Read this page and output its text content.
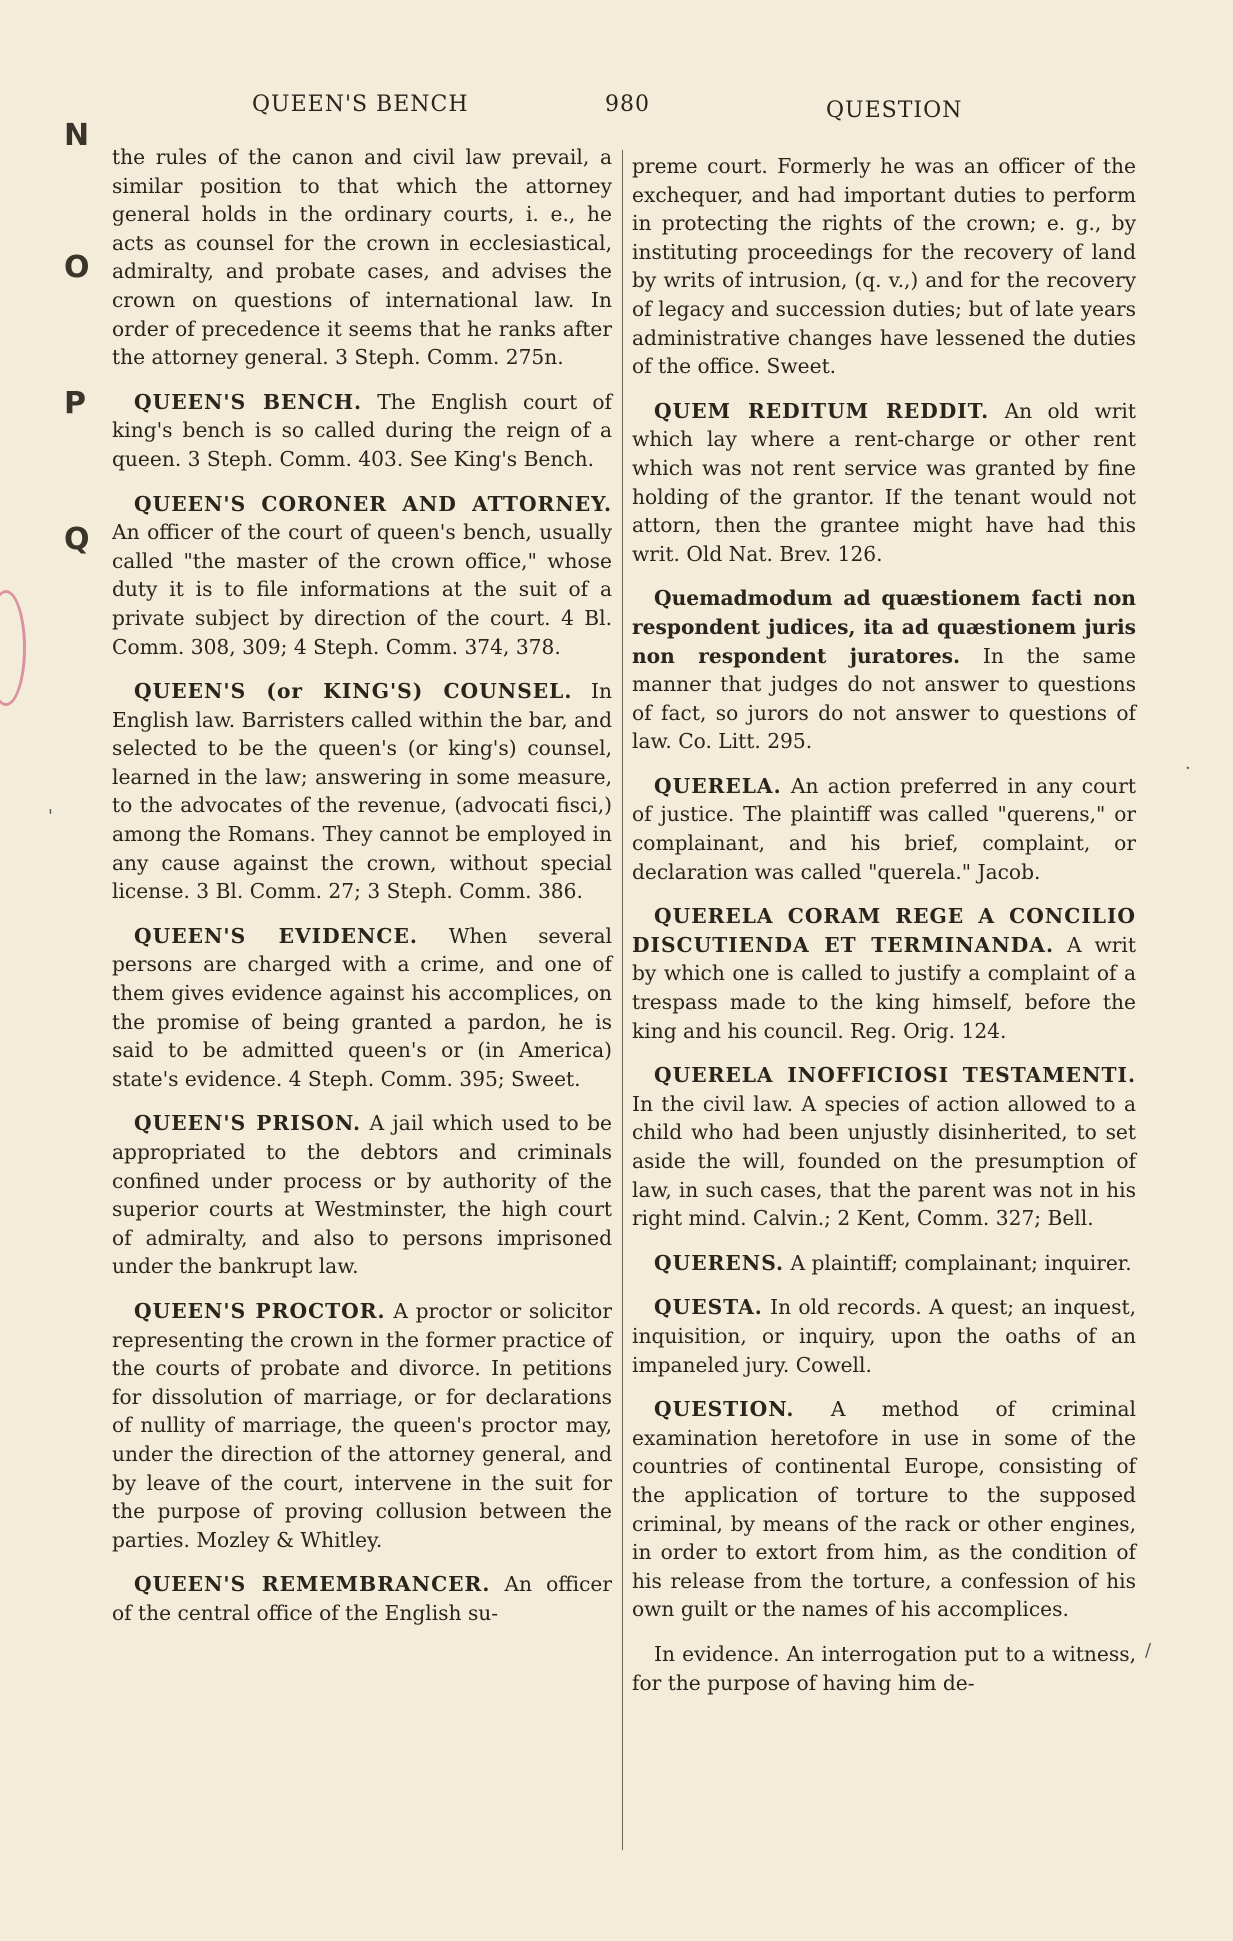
QUEEN'S BENCH	980	QUESTION
N
O
P
Q

the rules of the canon and civil law prevail, a similar position to that which the attorney general holds in the ordinary courts, i. e., he acts as counsel for the crown in ecclesiastical, admiralty, and probate cases, and advises the crown on questions of international law. In order of precedence it seems that he ranks after the attorney general. 3 Steph. Comm. 275n.

QUEEN'S BENCH. The English court of king's bench is so called during the reign of a queen. 3 Steph. Comm. 403. See King's Bench.

QUEEN'S CORONER AND ATTORNEY. An officer of the court of queen's bench, usually called "the master of the crown office," whose duty it is to file informations at the suit of a private subject by direction of the court. 4 Bl. Comm. 308, 309; 4 Steph. Comm. 374, 378.

QUEEN'S (or KING'S) COUNSEL. In English law. Barristers called within the bar, and selected to be the queen's (or king's) counsel, learned in the law; answering in some measure, to the advocates of the revenue, (advocati fisci,) among the Romans. They cannot be employed in any cause against the crown, without special license. 3 Bl. Comm. 27; 3 Steph. Comm. 386.

QUEEN'S EVIDENCE. When several persons are charged with a crime, and one of them gives evidence against his accomplices, on the promise of being granted a pardon, he is said to be admitted queen's or (in America) state's evidence. 4 Steph. Comm. 395; Sweet.

QUEEN'S PRISON. A jail which used to be appropriated to the debtors and criminals confined under process or by authority of the superior courts at Westminster, the high court of admiralty, and also to persons imprisoned under the bankrupt law.

QUEEN'S PROCTOR. A proctor or solicitor representing the crown in the former practice of the courts of probate and divorce. In petitions for dissolution of marriage, or for declarations of nullity of marriage, the queen's proctor may, under the direction of the attorney general, and by leave of the court, intervene in the suit for the purpose of proving collusion between the parties. Mozley & Whitley.

QUEEN'S REMEMBRANCER. An officer of the central office of the English su-

preme court. Formerly he was an officer of the exchequer, and had important duties to perform in protecting the rights of the crown; e. g., by instituting proceedings for the recovery of land by writs of intrusion, (q. v.,) and for the recovery of legacy and succession duties; but of late years administrative changes have lessened the duties of the office. Sweet.

QUEM REDITUM REDDIT. An old writ which lay where a rent-charge or other rent which was not rent service was granted by fine holding of the grantor. If the tenant would not attorn, then the grantee might have had this writ. Old Nat. Brev. 126.

Quemadmodum ad quæstionem facti non respondent judices, ita ad quæstionem juris non respondent juratores. In the same manner that judges do not answer to questions of fact, so jurors do not answer to questions of law. Co. Litt. 295.

QUERELA. An action preferred in any court of justice. The plaintiff was called "querens," or complainant, and his brief, complaint, or declaration was called "querela." Jacob.

QUERELA CORAM REGE A CONCILIO DISCUTIENDA ET TERMINANDA. A writ by which one is called to justify a complaint of a trespass made to the king himself, before the king and his council. Reg. Orig. 124.

QUERELA INOFFICIOSI TESTAMENTI. In the civil law. A species of action allowed to a child who had been unjustly disinherited, to set aside the will, founded on the presumption of law, in such cases, that the parent was not in his right mind. Calvin.; 2 Kent, Comm. 327; Bell.

QUERENS. A plaintiff; complainant; inquirer.

QUESTA. In old records. A quest; an inquest, inquisition, or inquiry, upon the oaths of an impaneled jury. Cowell.

QUESTION. A method of criminal examination heretofore in use in some of the countries of continental Europe, consisting of the application of torture to the supposed criminal, by means of the rack or other engines, in order to extort from him, as the condition of his release from the torture, a confession of his own guilt or the names of his accomplices.

In evidence. An interrogation put to a witness, for the purpose of having him de-

'
·
/
